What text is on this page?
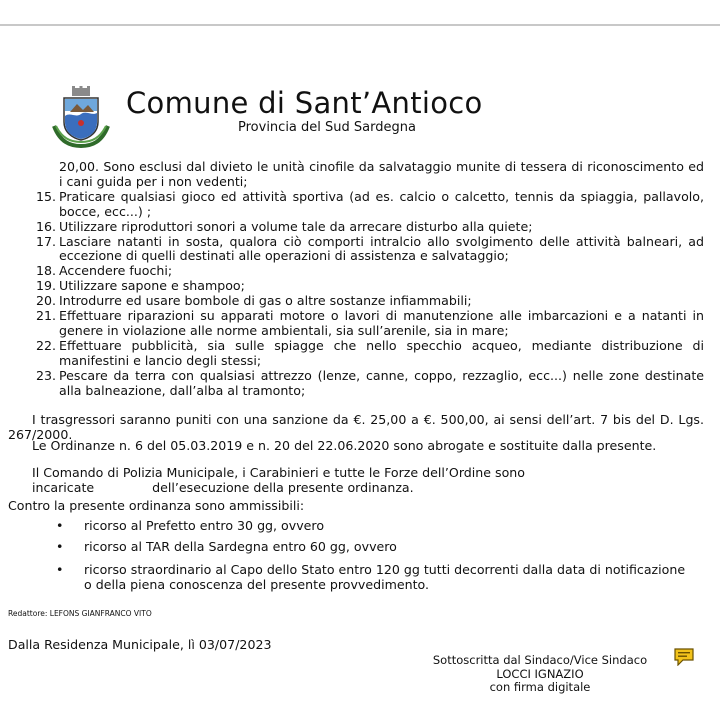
Comune di Sant’Antioco
Provincia del Sud Sardegna
20,00. Sono esclusi dal divieto le unità cinofile da salvataggio munite di tessera di riconoscimento ed i cani guida per i non vedenti;
15. Praticare qualsiasi gioco ed attività sportiva (ad es. calcio o calcetto, tennis da spiaggia, pallavolo, bocce, ecc...) ;
16. Utilizzare riproduttori sonori a volume tale da arrecare disturbo alla quiete;
17. Lasciare natanti in sosta, qualora ciò comporti intralcio allo svolgimento delle attività balneari, ad eccezione di quelli destinati alle operazioni di assistenza e salvataggio;
18. Accendere fuochi;
19. Utilizzare sapone e shampoo;
20. Introdurre ed usare bombole di gas o altre sostanze infiammabili;
21. Effettuare riparazioni su apparati motore o lavori di manutenzione alle imbarcazioni e a natanti in genere in violazione alle norme ambientali, sia sull’arenile, sia in mare;
22. Effettuare pubblicità, sia sulle spiagge che nello specchio acqueo, mediante distribuzione di manifestini e lancio degli stessi;
23. Pescare da terra con qualsiasi attrezzo (lenze, canne, coppo, rezzaglio, ecc...) nelle zone destinate alla balneazione, dall’alba al tramonto;
I trasgressori saranno puniti con una sanzione da €. 25,00 a €. 500,00, ai sensi dell’art. 7 bis del D. Lgs. 267/2000.
Le Ordinanze n. 6 del 05.03.2019 e n. 20 del 22.06.2020 sono abrogate e sostituite dalla presente.
Il Comando di Polizia Municipale, i Carabinieri e tutte le Forze dell’Ordine sono
incaricate	dell’esecuzione della presente ordinanza.
Contro la presente ordinanza sono ammissibili:
•	ricorso al Prefetto entro 30 gg, ovvero
•	ricorso al TAR della Sardegna entro 60 gg, ovvero
•	ricorso straordinario al Capo dello Stato entro 120 gg tutti decorrenti dalla data di notificazione o della piena conoscenza del presente provvedimento.
Redattore: LEFONS GIANFRANCO VITO
Dalla Residenza Municipale, lì 03/07/2023
Sottoscritta dal Sindaco/Vice Sindaco
LOCCI IGNAZIO
con firma digitale
